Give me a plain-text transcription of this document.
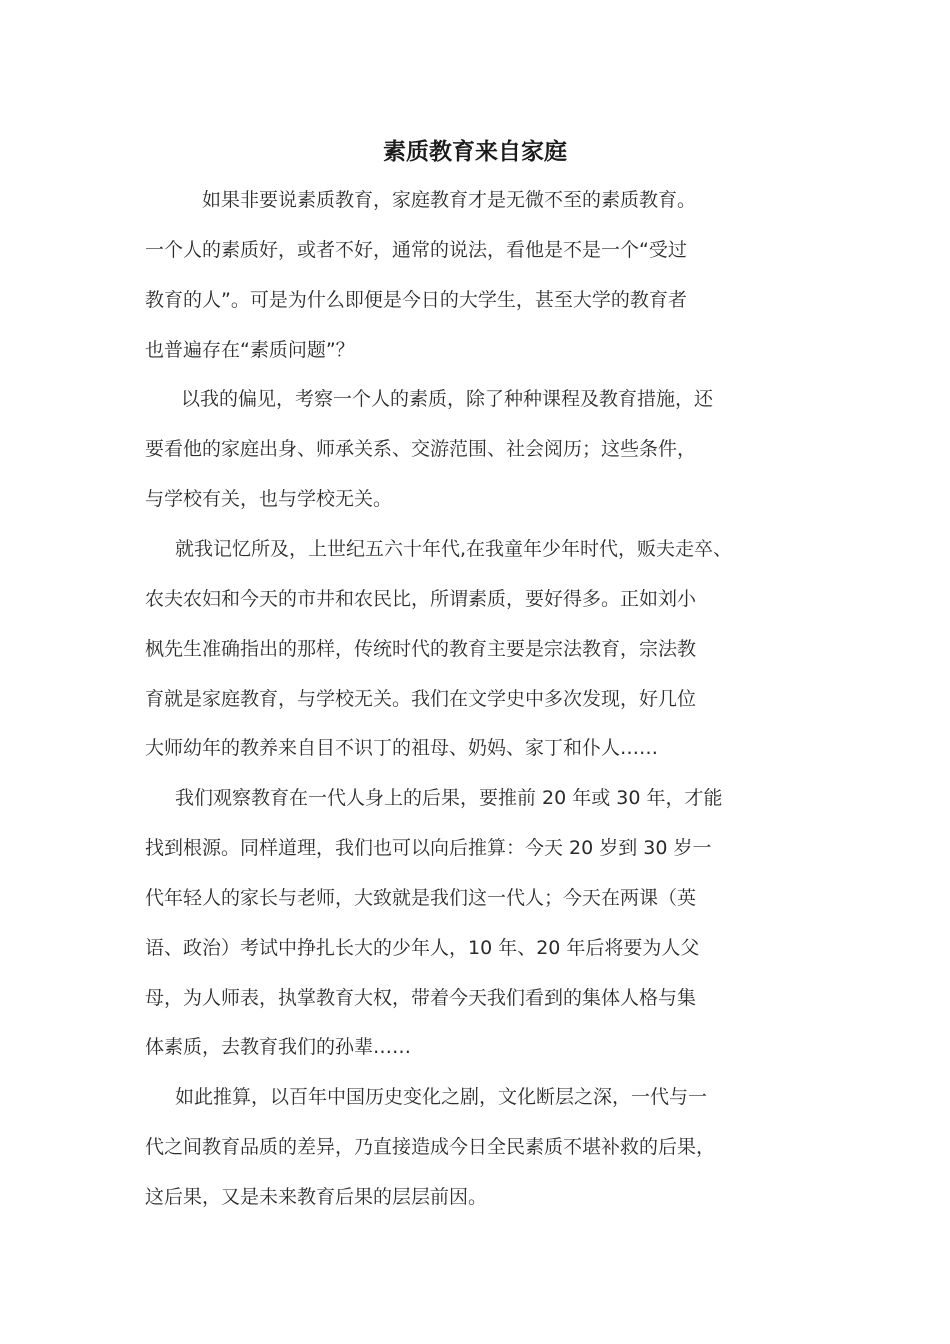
素质教育来自家庭

如果非要说素质教育，家庭教育才是无微不至的素质教育。

一个人的素质好，或者不好，通常的说法，看他是不是一个“受过

教育的人”。可是为什么即便是今日的大学生，甚至大学的教育者

也普遍存在“素质问题”？

以我的偏见，考察一个人的素质，除了种种课程及教育措施，还

要看他的家庭出身、师承关系、交游范围、社会阅历；这些条件，

与学校有关，也与学校无关。

就我记忆所及，上世纪五六十年代,在我童年少年时代，贩夫走卒、

农夫农妇和今天的市井和农民比，所谓素质，要好得多。正如刘小

枫先生准确指出的那样，传统时代的教育主要是宗法教育，宗法教

育就是家庭教育，与学校无关。我们在文学史中多次发现，好几位

大师幼年的教养来自目不识丁的祖母、奶妈、家丁和仆人……

我们观察教育在一代人身上的后果，要推前 20 年或 30 年，才能

找到根源。同样道理，我们也可以向后推算：今天 20 岁到 30 岁一

代年轻人的家长与老师，大致就是我们这一代人；今天在两课（英

语、政治）考试中挣扎长大的少年人，10 年、20 年后将要为人父

母，为人师表，执掌教育大权，带着今天我们看到的集体人格与集

体素质，去教育我们的孙辈……

如此推算，以百年中国历史变化之剧，文化断层之深，一代与一

代之间教育品质的差异，乃直接造成今日全民素质不堪补救的后果，

这后果，又是未来教育后果的层层前因。
